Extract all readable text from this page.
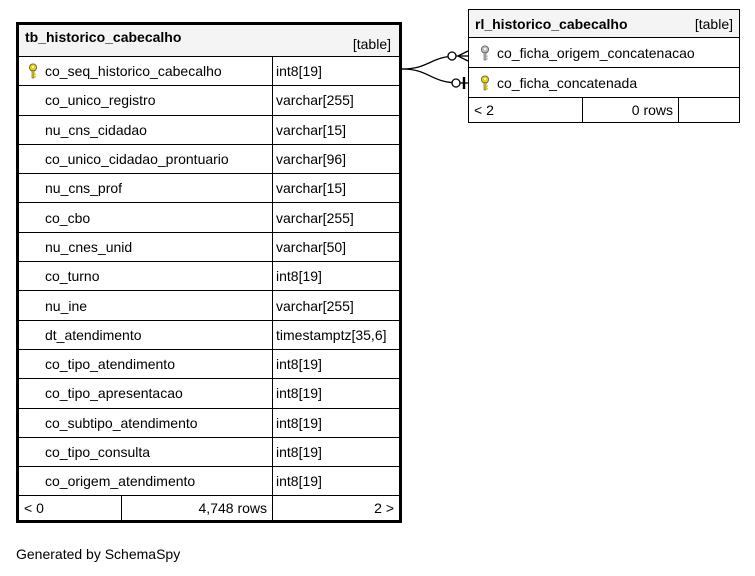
tb_historico_cabecalho	[table]
co_seq_historico_cabecalho	int8[19]
co_unico_registro	varchar[255]
nu_cns_cidadao	varchar[15]
co_unico_cidadao_prontuario	varchar[96]
nu_cns_prof	varchar[15]
co_cbo	varchar[255]
nu_cnes_unid	varchar[50]
co_turno	int8[19]
nu_ine	varchar[255]
dt_atendimento	timestamptz[35,6]
co_tipo_atendimento	int8[19]
co_tipo_apresentacao	int8[19]
co_subtipo_atendimento	int8[19]
co_tipo_consulta	int8[19]
co_origem_atendimento	int8[19]
< 0	4,748 rows	2 >
rl_historico_cabecalho	[table]
co_ficha_origem_concatenacao
co_ficha_concatenada
< 2	0 rows
Generated by SchemaSpy
